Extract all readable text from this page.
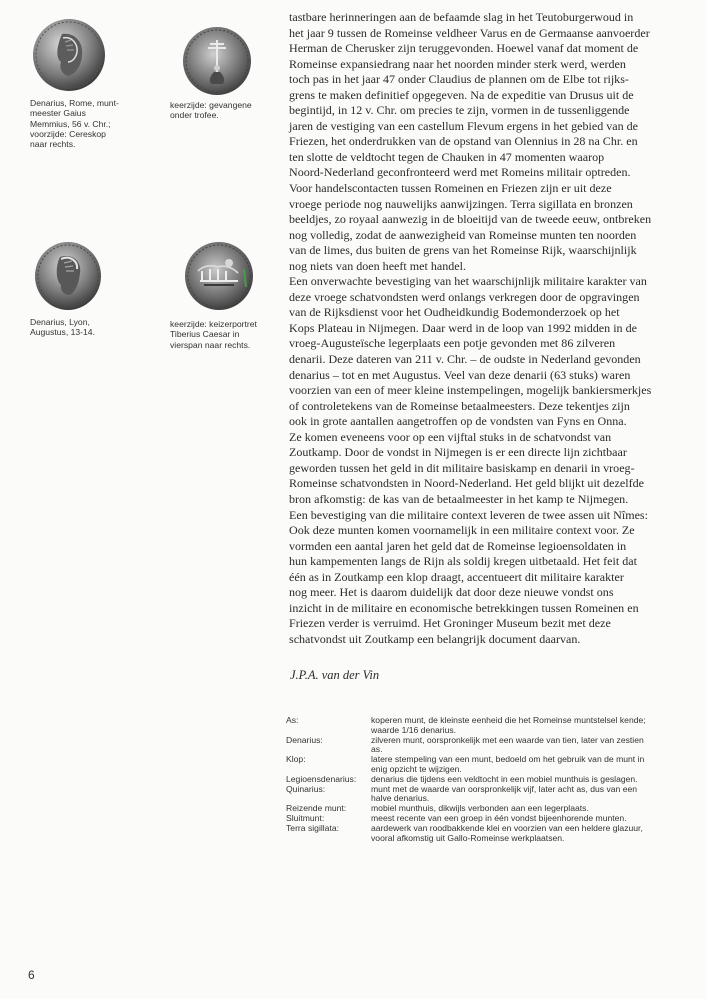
Denarius, Rome, munt-
meester Gaius
Memmius, 56 v. Chr.;
voorzijde: Cereskop
naar rechts.
keerzijde: gevangene
onder trofee.
Denarius, Lyon,
Augustus, 13-14.
keerzijde: keizerportret
Tiberius Caesar in
vierspan naar rechts.
tastbare herinneringen aan de befaamde slag in het Teutoburgerwoud in
het jaar 9 tussen de Romeinse veldheer Varus en de Germaanse aanvoerder
Herman de Cherusker zijn teruggevonden. Hoewel vanaf dat moment de
Romeinse expansiedrang naar het noorden minder sterk werd, werden
toch pas in het jaar 47 onder Claudius de plannen om de Elbe tot rijks-
grens te maken definitief opgegeven. Na de expeditie van Drusus uit de
begintijd, in 12 v. Chr. om precies te zijn, vormen in de tussenliggende
jaren de vestiging van een castellum Flevum ergens in het gebied van de
Friezen, het onderdrukken van de opstand van Olennius in 28 na Chr. en
ten slotte de veldtocht tegen de Chauken in 47 momenten waarop
Noord-Nederland geconfronteerd werd met Romeins militair optreden.
Voor handelscontacten tussen Romeinen en Friezen zijn er uit deze
vroege periode nog nauwelijks aanwijzingen. Terra sigillata en bronzen
beeldjes, zo royaal aanwezig in de bloeitijd van de tweede eeuw, ontbreken
nog volledig, zodat de aanwezigheid van Romeinse munten ten noorden
van de limes, dus buiten de grens van het Romeinse Rijk, waarschijnlijk
nog niets van doen heeft met handel.
Een onverwachte bevestiging van het waarschijnlijk militaire karakter van
deze vroege schatvondsten werd onlangs verkregen door de opgravingen
van de Rijksdienst voor het Oudheidkundig Bodemonderzoek op het
Kops Plateau in Nijmegen. Daar werd in de loop van 1992 midden in de
vroeg-Augusteïsche legerplaats een potje gevonden met 86 zilveren
denarii. Deze dateren van 211 v. Chr. – de oudste in Nederland gevonden
denarius – tot en met Augustus. Veel van deze denarii (63 stuks) waren
voorzien van een of meer kleine instempelingen, mogelijk bankiersmerkjes
of controletekens van de Romeinse betaalmeesters. Deze tekentjes zijn
ook in grote aantallen aangetroffen op de vondsten van Fyns en Onna.
Ze komen eveneens voor op een vijftal stuks in de schatvondst van
Zoutkamp. Door de vondst in Nijmegen is er een directe lijn zichtbaar
geworden tussen het geld in dit militaire basiskamp en denarii in vroeg-
Romeinse schatvondsten in Noord-Nederland. Het geld blijkt uit dezelfde
bron afkomstig: de kas van de betaalmeester in het kamp te Nijmegen.
Een bevestiging van die militaire context leveren de twee assen uit Nîmes:
Ook deze munten komen voornamelijk in een militaire context voor. Ze
vormden een aantal jaren het geld dat de Romeinse legioensoldaten in
hun kampementen langs de Rijn als soldij kregen uitbetaald. Het feit dat
één as in Zoutkamp een klop draagt, accentueert dit militaire karakter
nog meer. Het is daarom duidelijk dat door deze nieuwe vondst ons
inzicht in de militaire en economische betrekkingen tussen Romeinen en
Friezen verder is verruimd. Het Groninger Museum bezit met deze
schatvondst uit Zoutkamp een belangrijk document daarvan.
J.P.A. van der Vin
As:	koperen munt, de kleinste eenheid die het Romeinse muntstelsel kende;
waarde 1/16 denarius.
Denarius:	zilveren munt, oorspronkelijk met een waarde van tien, later van zestien
as.
Klop:	latere stempeling van een munt, bedoeld om het gebruik van de munt in
enig opzicht te wijzigen.
Legioensdenarius:	denarius die tijdens een veldtocht in een mobiel munthuis is geslagen.
Quinarius:	munt met de waarde van oorspronkelijk vijf, later acht as, dus van een
halve denarius.
Reizende munt:	mobiel munthuis, dikwijls verbonden aan een legerplaats.
Sluitmunt:	meest recente van een groep in één vondst bijeenhorende munten.
Terra sigillata:	aardewerk van roodbakkende klei en voorzien van een heldere glazuur,
vooral afkomstig uit Gallo-Romeinse werkplaatsen.
6
